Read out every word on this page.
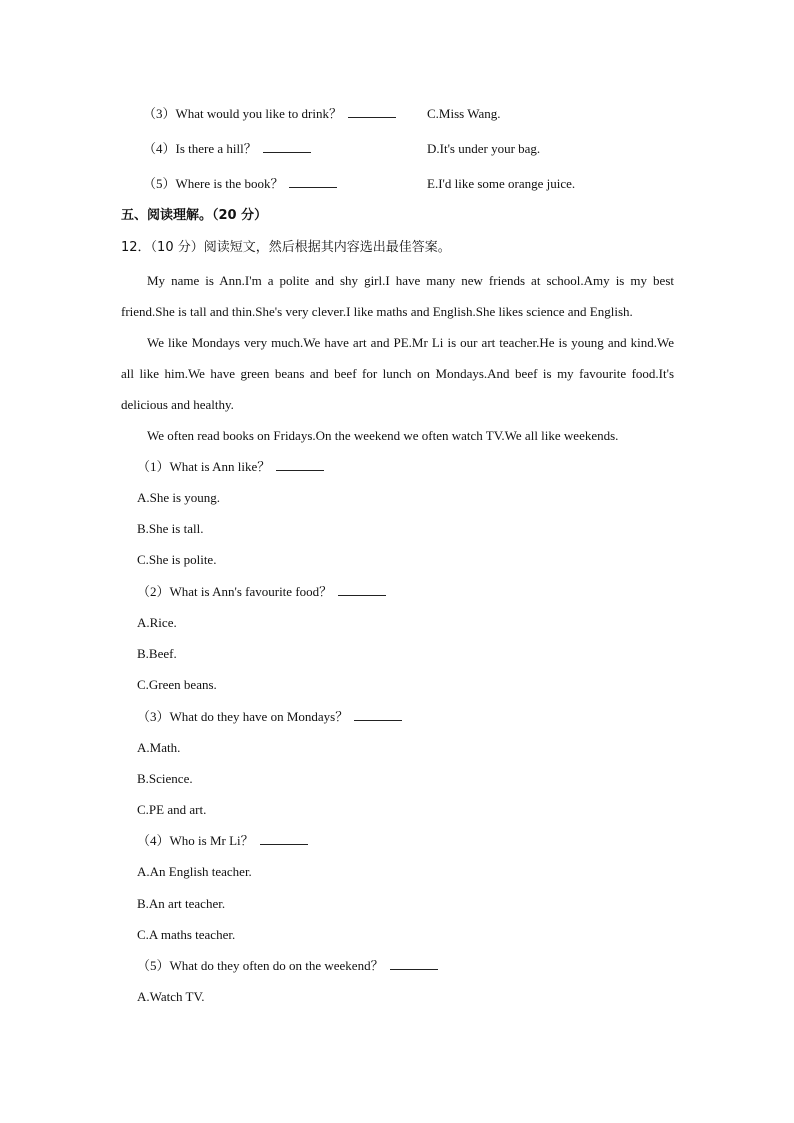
（3）What would you like to drink？	C.Miss Wang.
（4）Is there a hill？	D.It's under your bag.
（5）Where is the book？	E.I'd like some orange juice.
五、阅读理解。（20 分）
12．（10 分）阅读短文，然后根据其内容选出最佳答案。
My name is Ann.I'm a polite and shy girl.I have many new friends at school.Amy is my best friend.She is tall and thin.She's very clever.I like maths and English.She likes science and English.
We like Mondays very much.We have art and PE.Mr Li is our art teacher.He is young and kind.We all like him.We have green beans and beef for lunch on Mondays.And beef is my favourite food.It's delicious and healthy.
We often read books on Fridays.On the weekend we often watch TV.We all like weekends.
（1）What is Ann like？
A.She is young.
B.She is tall.
C.She is polite.
（2）What is Ann's favourite food？
A.Rice.
B.Beef.
C.Green beans.
（3）What do they have on Mondays？
A.Math.
B.Science.
C.PE and art.
（4）Who is Mr Li？
A.An English teacher.
B.An art teacher.
C.A maths teacher.
（5）What do they often do on the weekend？
A.Watch TV.
